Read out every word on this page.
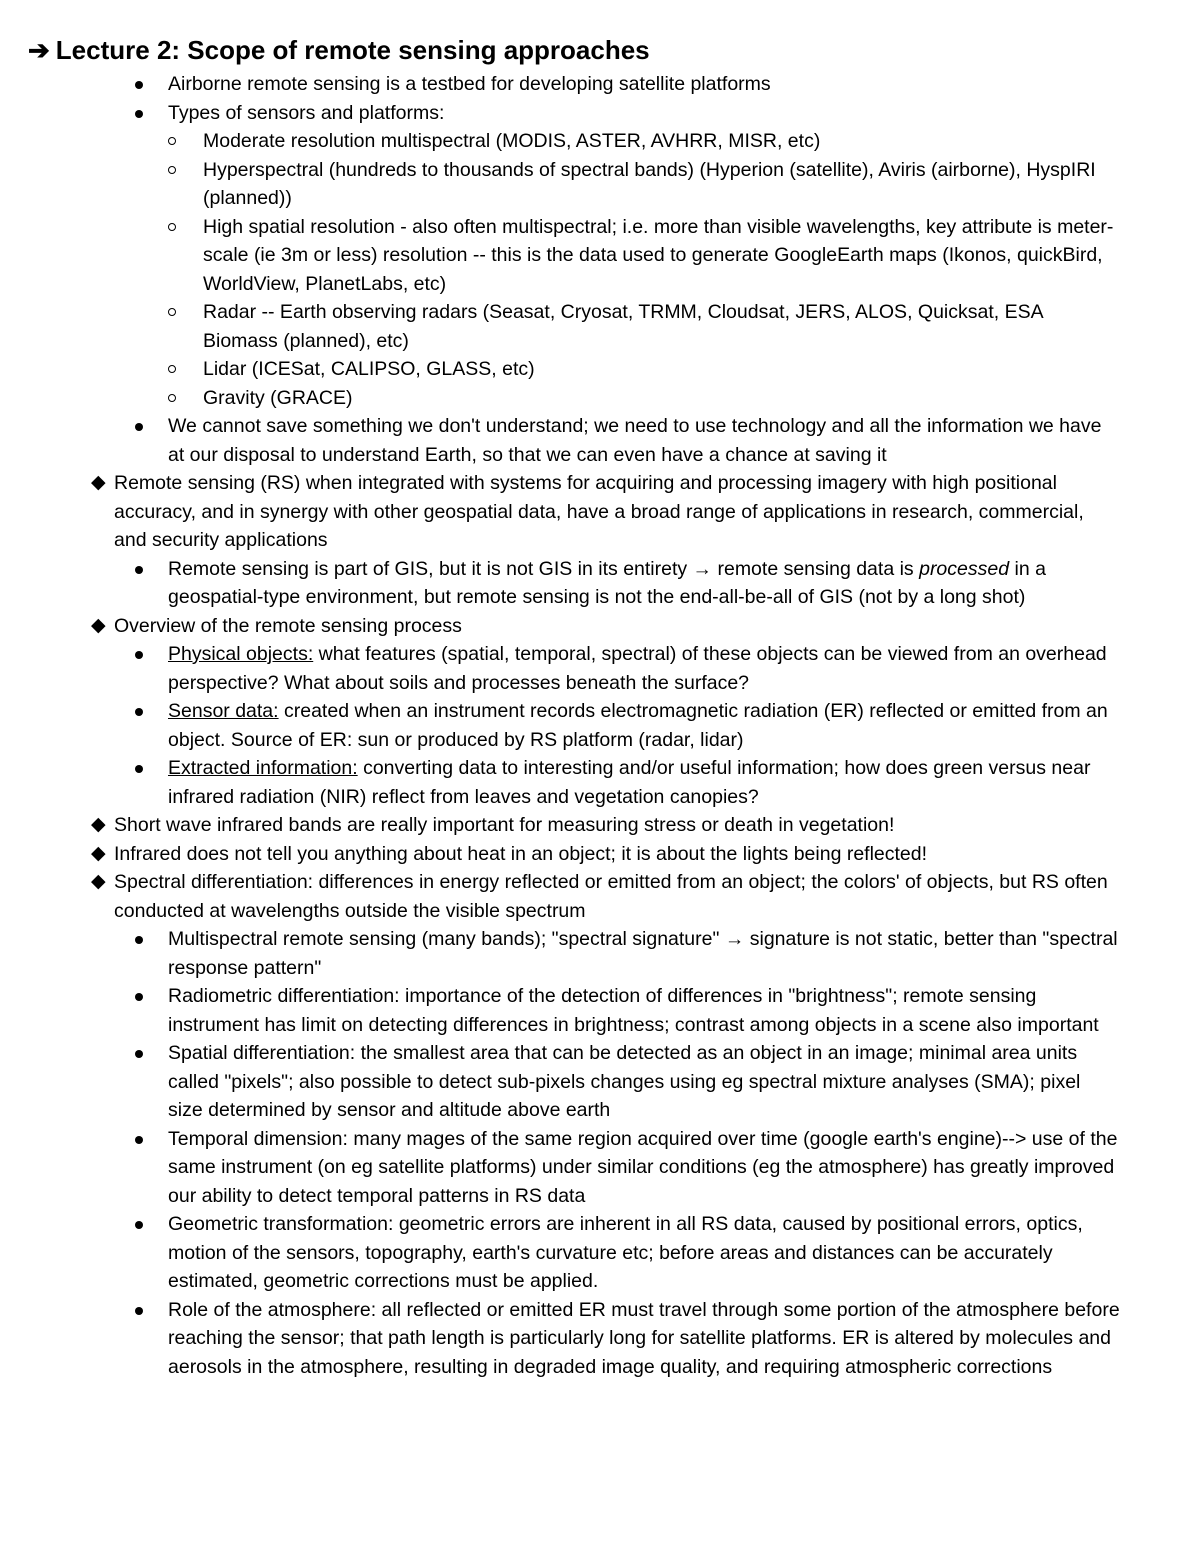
➔ Lecture 2: Scope of remote sensing approaches
Airborne remote sensing is a testbed for developing satellite platforms
Types of sensors and platforms:
Moderate resolution multispectral (MODIS, ASTER, AVHRR, MISR, etc)
Hyperspectral (hundreds to thousands of spectral bands) (Hyperion (satellite), Aviris (airborne), HyspIRI (planned))
High spatial resolution - also often multispectral; i.e. more than visible wavelengths, key attribute is meter-scale (ie 3m or less) resolution -- this is the data used to generate GoogleEarth maps (Ikonos, quickBird, WorldView, PlanetLabs, etc)
Radar -- Earth observing radars (Seasat, Cryosat, TRMM, Cloudsat, JERS, ALOS, Quicksat, ESA Biomass (planned), etc)
Lidar (ICESat, CALIPSO, GLASS, etc)
Gravity (GRACE)
We cannot save something we don't understand; we need to use technology and all the information we have at our disposal to understand Earth, so that we can even have a chance at saving it
◆ Remote sensing (RS) when integrated with systems for acquiring and processing imagery with high positional accuracy, and in synergy with other geospatial data, have a broad range of applications in research, commercial, and security applications
Remote sensing is part of GIS, but it is not GIS in its entirety → remote sensing data is processed in a geospatial-type environment, but remote sensing is not the end-all-be-all of GIS (not by a long shot)
◆ Overview of the remote sensing process
Physical objects: what features (spatial, temporal, spectral) of these objects can be viewed from an overhead perspective? What about soils and processes beneath the surface?
Sensor data: created when an instrument records electromagnetic radiation (ER) reflected or emitted from an object. Source of ER: sun or produced by RS platform (radar, lidar)
Extracted information: converting data to interesting and/or useful information; how does green versus near infrared radiation (NIR) reflect from leaves and vegetation canopies?
◆ Short wave infrared bands are really important for measuring stress or death in vegetation!
◆ Infrared does not tell you anything about heat in an object; it is about the lights being reflected!
◆ Spectral differentiation: differences in energy reflected or emitted from an object; the colors' of objects, but RS often conducted at wavelengths outside the visible spectrum
Multispectral remote sensing (many bands); "spectral signature" → signature is not static, better than "spectral response pattern"
Radiometric differentiation: importance of the detection of differences in "brightness"; remote sensing instrument has limit on detecting differences in brightness; contrast among objects in a scene also important
Spatial differentiation: the smallest area that can be detected as an object in an image; minimal area units called "pixels"; also possible to detect sub-pixels changes using eg spectral mixture analyses (SMA); pixel size determined by sensor and altitude above earth
Temporal dimension: many mages of the same region acquired over time (google earth's engine)--> use of the same instrument (on eg satellite platforms) under similar conditions (eg the atmosphere) has greatly improved our ability to detect temporal patterns in RS data
Geometric transformation: geometric errors are inherent in all RS data, caused by positional errors, optics, motion of the sensors, topography, earth's curvature etc; before areas and distances can be accurately estimated, geometric corrections must be applied.
Role of the atmosphere: all reflected or emitted ER must travel through some portion of the atmosphere before reaching the sensor; that path length is particularly long for satellite platforms. ER is altered by molecules and aerosols in the atmosphere, resulting in degraded image quality, and requiring atmospheric corrections
